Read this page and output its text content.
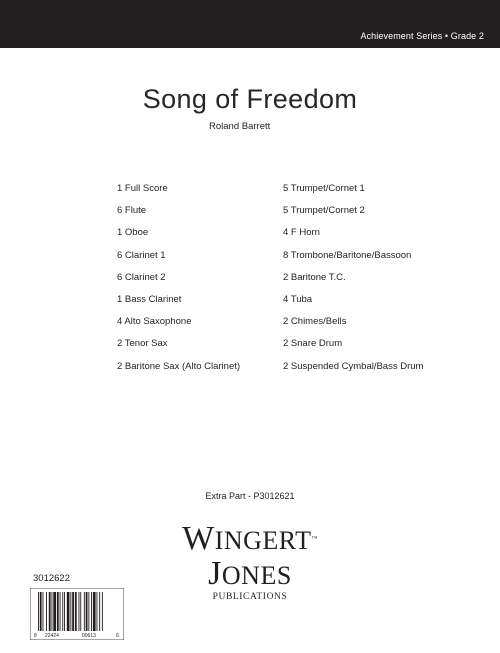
Achievement Series • Grade 2
Song of Freedom
Roland Barrett
1 Full Score
6 Flute
1 Oboe
6 Clarinet 1
6 Clarinet 2
1 Bass Clarinet
4 Alto Saxophone
2 Tenor Sax
2 Baritone Sax (Alto Clarinet)
5 Trumpet/Cornet 1
5 Trumpet/Cornet 2
4 F Horn
8 Trombone/Baritone/Bassoon
2 Baritone T.C.
4 Tuba
2 Chimes/Bells
2 Snare Drum
2 Suspended Cymbal/Bass Drum
Extra Part - P3012621
WINGERT™
JONES
PUBLICATIONS
3012622
8 22424	00613	6
